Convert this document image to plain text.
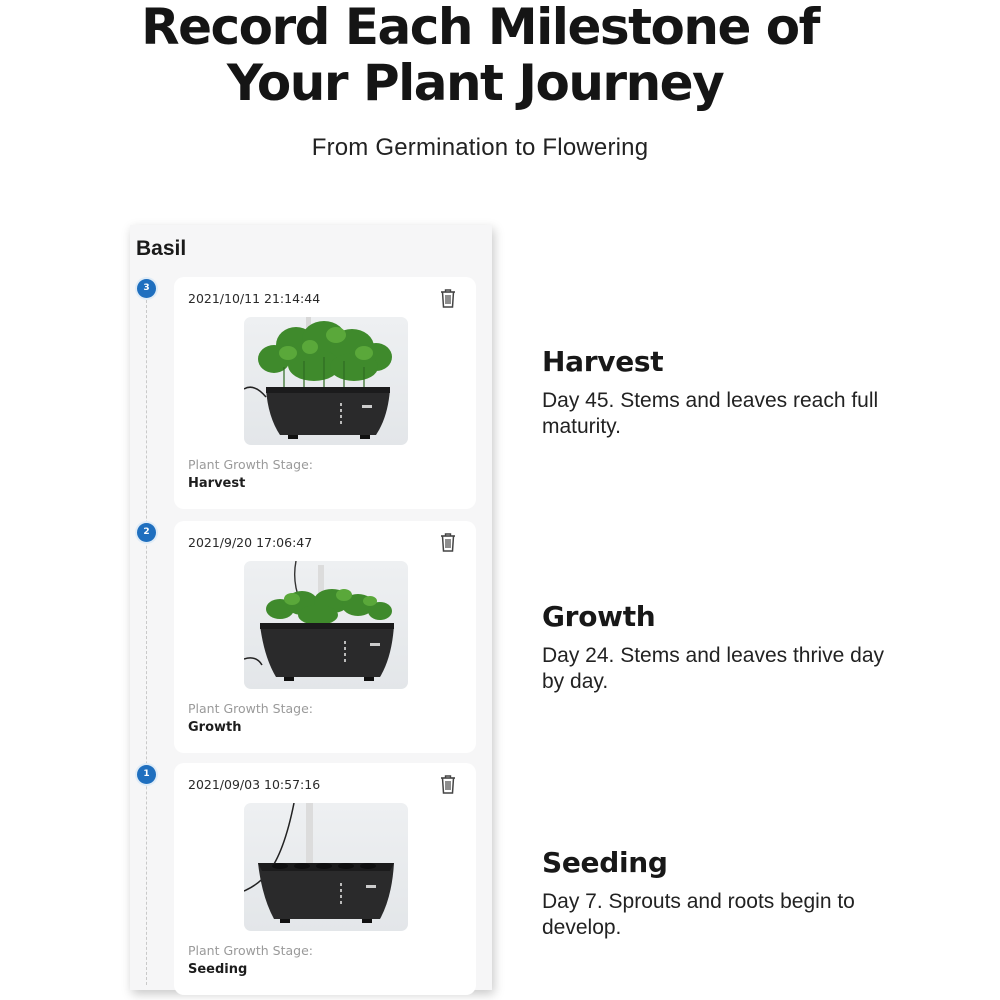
Record Each Milestone of
Your Plant Journey
From Germination to Flowering
Basil
3
2021/10/11 21:14:44
Plant Growth Stage:
Harvest
2
2021/9/20 17:06:47
Plant Growth Stage:
Growth
1
2021/09/03 10:57:16
Plant Growth Stage:
Seeding
Harvest
Day 45. Stems and leaves reach full maturity.
Growth
Day 24. Stems and leaves thrive day by day.
Seeding
Day 7. Sprouts and roots begin to develop.
